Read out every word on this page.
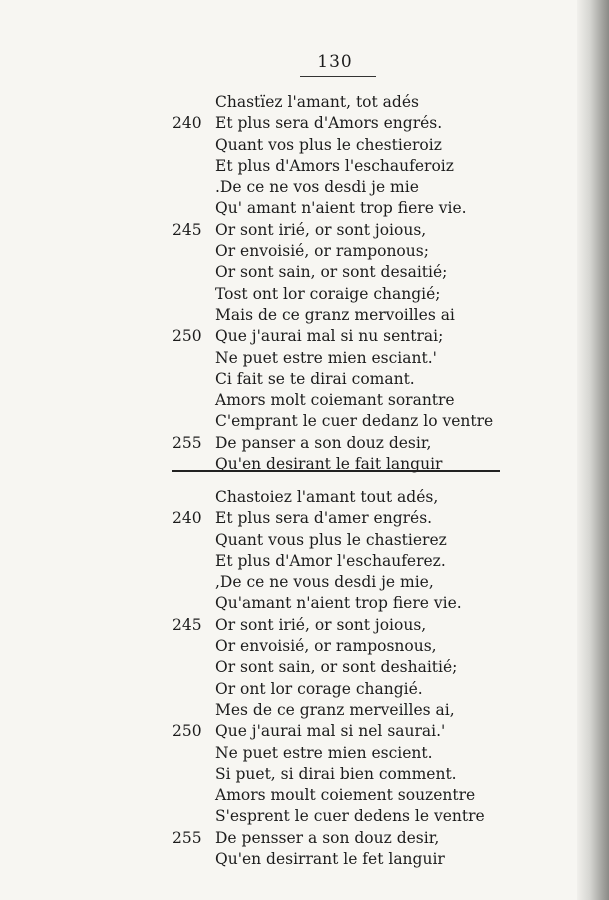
130
Chastïez l'amant, tot adés
240 Et plus sera d'Amors engrés.
Quant vos plus le chestieroiz
Et plus d'Amors l'eschauferoiz
.De ce ne vos desdi je mie
Qu' amant n'aient trop fiere vie.
245 Or sont irié, or sont joious,
Or envoisié, or ramponous;
Or sont sain, or sont desaitié;
Tost ont lor coraige changié;
Mais de ce granz mervoilles ai
250 Que j'aurai mal si nu sentrai;
Ne puet estre mien esciant.'
Ci fait se te dirai comant.
Amors molt coiemant sorantre
C'emprant le cuer dedanz lo ventre
255 De panser a son douz desir,
Qu'en desirant le fait languir
Chastoiez l'amant tout adés,
240 Et plus sera d'amer engrés.
Quant vous plus le chastierez
Et plus d'Amor l'eschauferez.
,De ce ne vous desdi je mie,
Qu'amant n'aient trop fiere vie.
245 Or sont irié, or sont joious,
Or envoisié, or ramposnous,
Or sont sain, or sont deshaitié;
Or ont lor corage changié.
Mes de ce granz merveilles ai,
250 Que j'aurai mal si nel saurai.'
Ne puet estre mien escient.
Si puet, si dirai bien comment.
Amors moult coiement souzentre
S'esprent le cuer dedens le ventre
255 De pensser a son douz desir,
Qu'en desirrant le fet languir
